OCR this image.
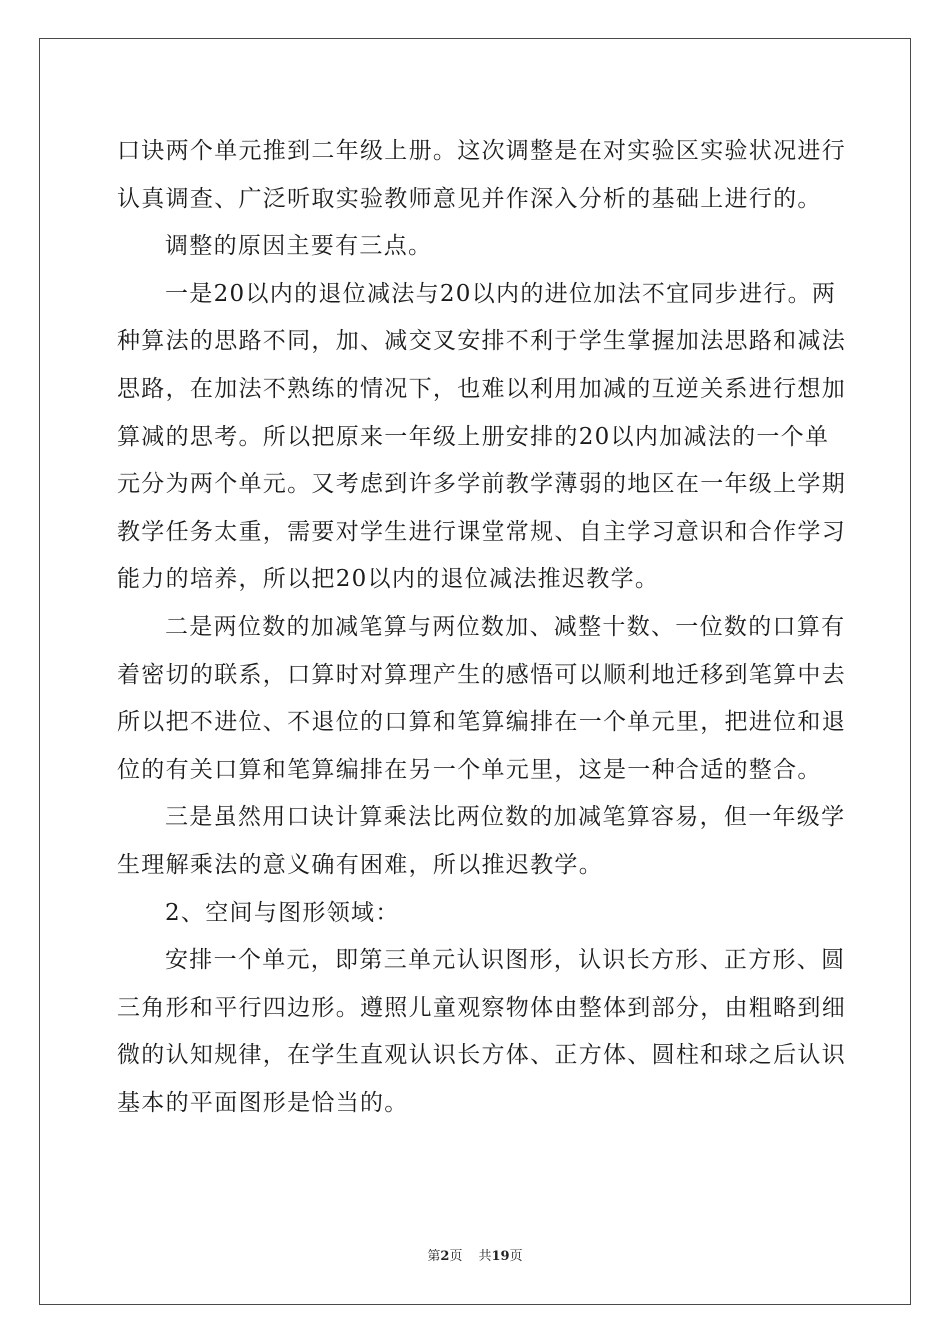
口诀两个单元推到二年级上册。这次调整是在对实验区实验状况进行
认真调查、广泛听取实验教师意见并作深入分析的基础上进行的。

调整的原因主要有三点。

一是20以内的退位减法与20以内的进位加法不宜同步进行。两
种算法的思路不同，加、减交叉安排不利于学生掌握加法思路和减法
思路，在加法不熟练的情况下，也难以利用加减的互逆关系进行想加
算减的思考。所以把原来一年级上册安排的20以内加减法的一个单
元分为两个单元。又考虑到许多学前教学薄弱的地区在一年级上学期
教学任务太重，需要对学生进行课堂常规、自主学习意识和合作学习
能力的培养，所以把20以内的退位减法推迟教学。

二是两位数的加减笔算与两位数加、减整十数、一位数的口算有
着密切的联系，口算时对算理产生的感悟可以顺利地迁移到笔算中去
所以把不进位、不退位的口算和笔算编排在一个单元里，把进位和退
位的有关口算和笔算编排在另一个单元里，这是一种合适的整合。

三是虽然用口诀计算乘法比两位数的加减笔算容易，但一年级学
生理解乘法的意义确有困难，所以推迟教学。

2、空间与图形领域：

安排一个单元，即第三单元认识图形，认识长方形、正方形、圆
三角形和平行四边形。遵照儿童观察物体由整体到部分，由粗略到细
微的认知规律，在学生直观认识长方体、正方体、圆柱和球之后认识
基本的平面图形是恰当的。

第2页 共19页
